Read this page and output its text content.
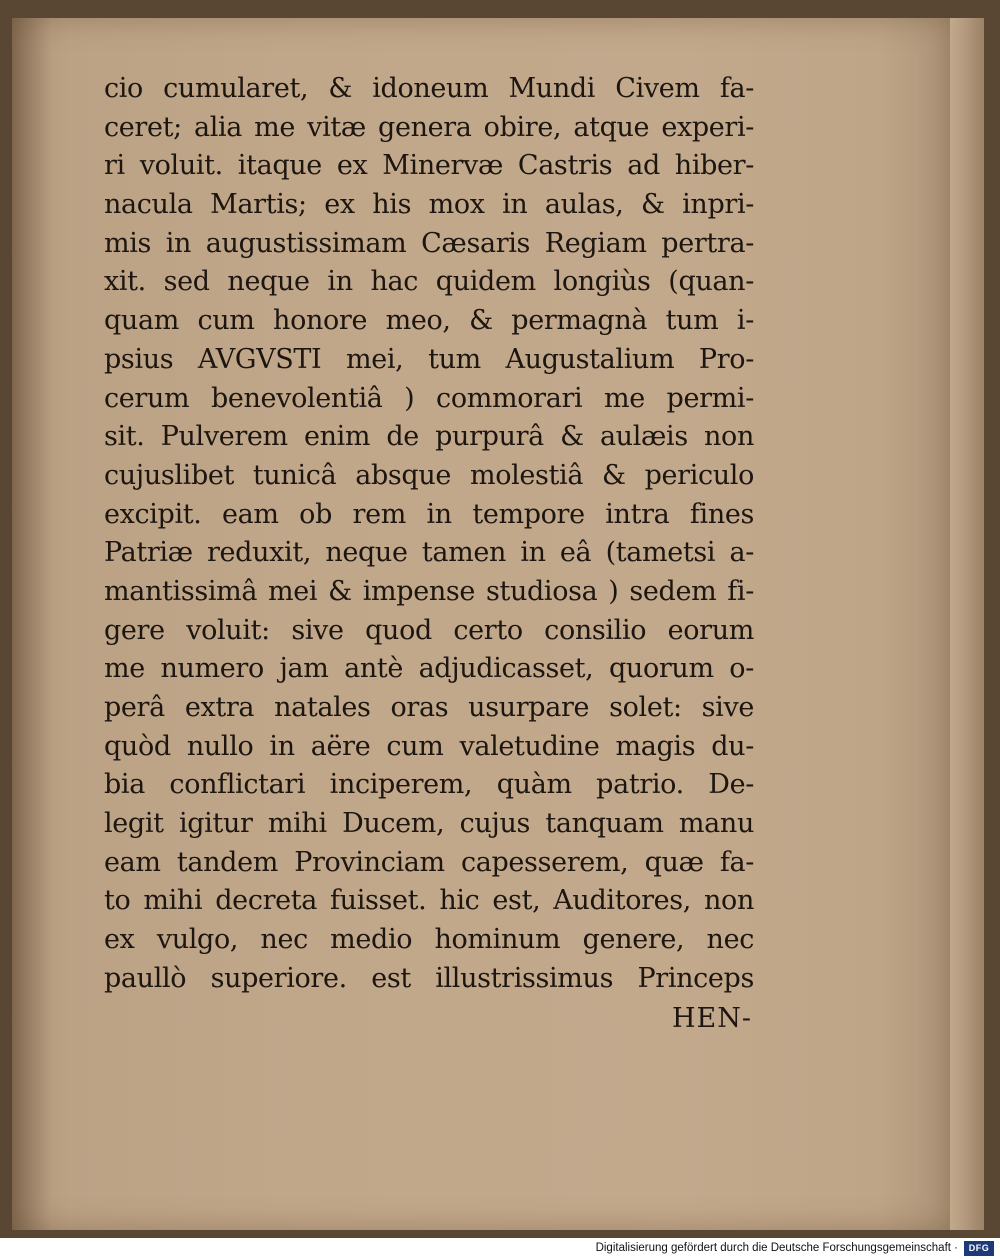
cio cumularet, & idoneum Mundi Civem fa-
ceret; alia me vitæ genera obire, atque experi-
ri voluit. itaque ex Minervæ Castris ad hiber-
nacula Martis; ex his mox in aulas, & inpri-
mis in augustissimam Cæsaris Regiam pertra-
xit. sed neque in hac quidem longiùs (quan-
quam cum honore meo, & permagnà tum i-
psius AVGVSTI mei, tum Augustalium Pro-
cerum benevolentiâ ) commorari me permi-
sit. Pulverem enim de purpurâ & aulæis non
cujuslibet tunicâ absque molestiâ & periculo
excipit. eam ob rem in tempore intra fines
Patriæ reduxit, neque tamen in eâ (tametsi a-
mantissimâ mei & impense studiosa ) sedem fi-
gere voluit: sive quod certo consilio eorum
me numero jam antè adjudicasset, quorum o-
perâ extra natales oras usurpare solet: sive
quòd nullo in aëre cum valetudine magis du-
bia conflictari inciperem, quàm patrio. De-
legit igitur mihi Ducem, cujus tanquam manu
eam tandem Provinciam capesserem, quæ fa-
to mihi decreta fuisset. hic est, Auditores, non
ex vulgo, nec medio hominum genere, nec
paullò superiore. est illustrissimus Princeps
HEN-
Digitalisierung gefördert durch die Deutsche Forschungsgemeinschaft ·	DFG
